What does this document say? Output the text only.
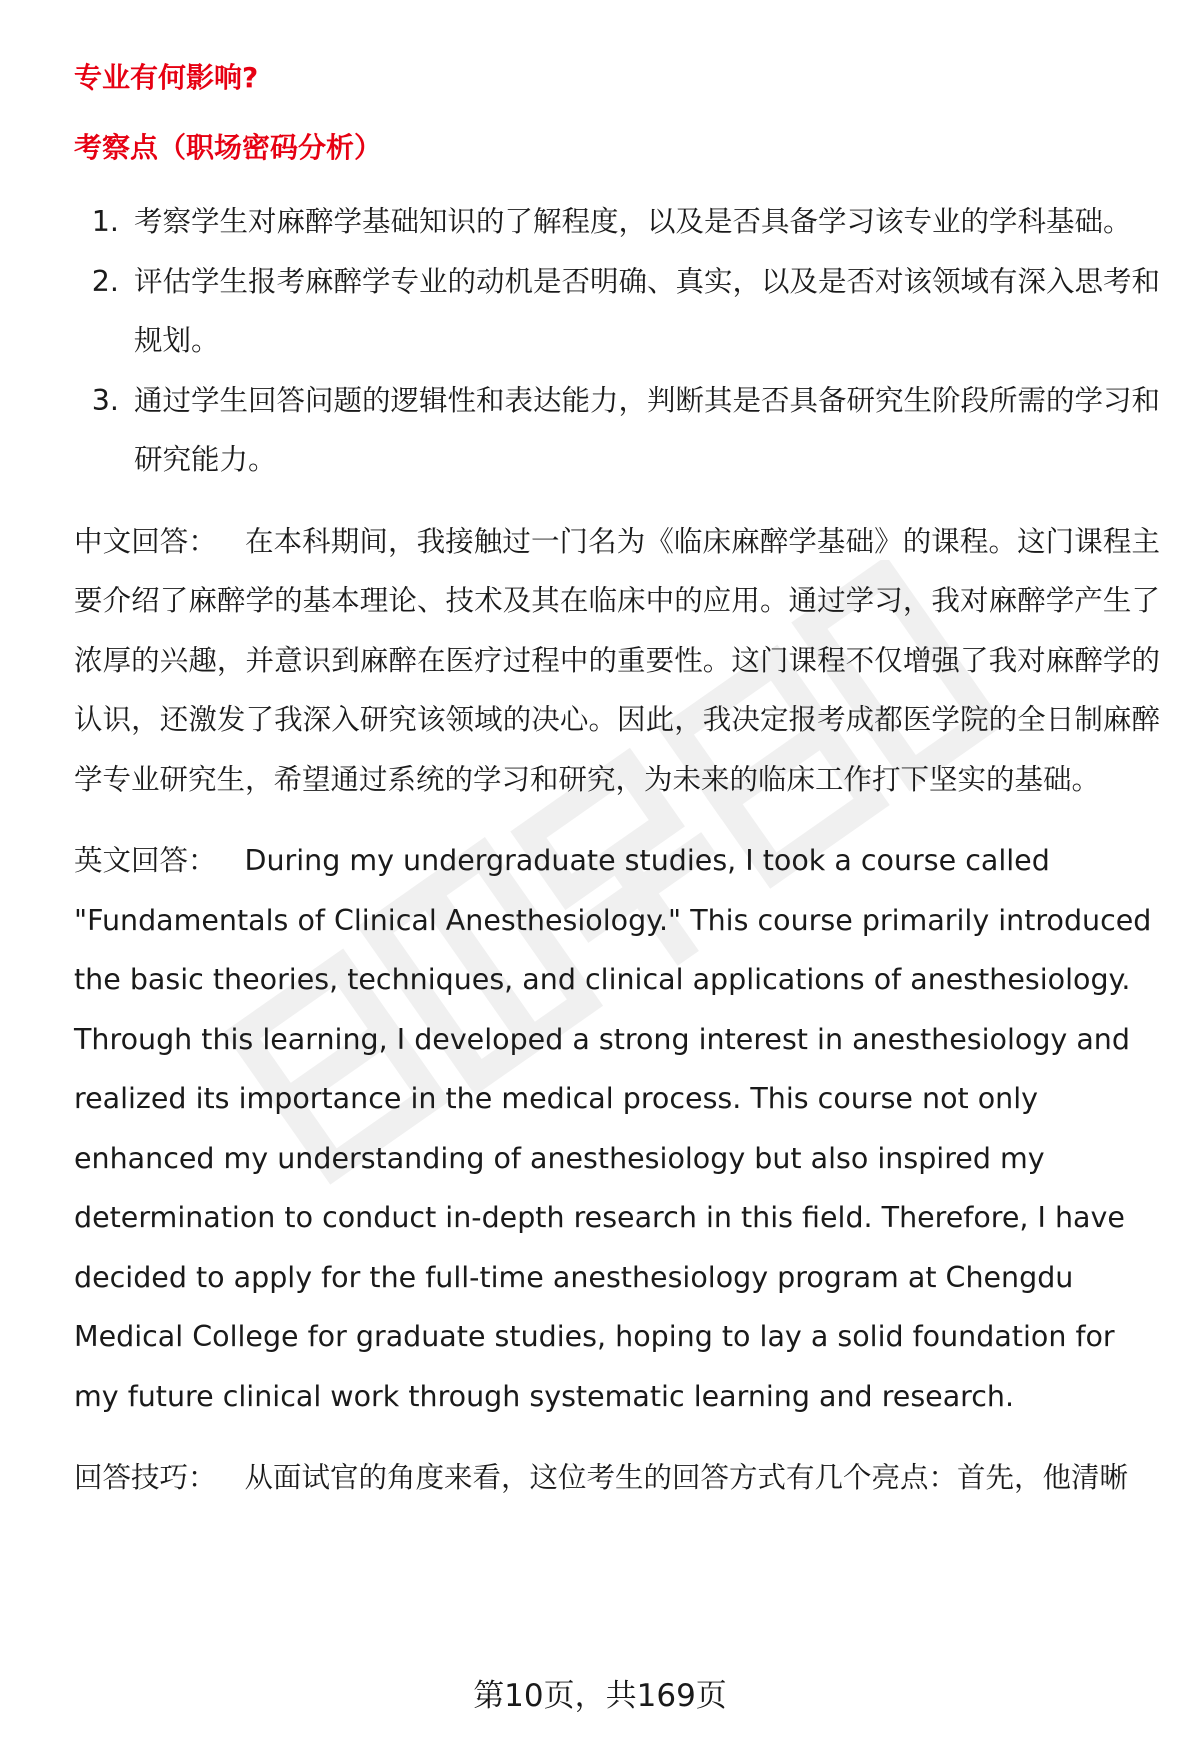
专业有何影响?
考察点（职场密码分析）
1. 考察学生对麻醉学基础知识的了解程度，以及是否具备学习该专业的学科基础。
2. 评估学生报考麻醉学专业的动机是否明确、真实，以及是否对该领域有深入思考和规划。
3. 通过学生回答问题的逻辑性和表达能力，判断其是否具备研究生阶段所需的学习和研究能力。

中文回答： 在本科期间，我接触过一门名为《临床麻醉学基础》的课程。这门课程主要介绍了麻醉学的基本理论、技术及其在临床中的应用。通过学习，我对麻醉学产生了浓厚的兴趣，并意识到麻醉在医疗过程中的重要性。这门课程不仅增强了我对麻醉学的认识，还激发了我深入研究该领域的决心。因此，我决定报考成都医学院的全日制麻醉学专业研究生，希望通过系统的学习和研究，为未来的临床工作打下坚实的基础。

英文回答： During my undergraduate studies, I took a course called "Fundamentals of Clinical Anesthesiology." This course primarily introduced the basic theories, techniques, and clinical applications of anesthesiology. Through this learning, I developed a strong interest in anesthesiology and realized its importance in the medical process. This course not only enhanced my understanding of anesthesiology but also inspired my determination to conduct in-depth research in this field. Therefore, I have decided to apply for the full-time anesthesiology program at Chengdu Medical College for graduate studies, hoping to lay a solid foundation for my future clinical work through systematic learning and research.

回答技巧： 从面试官的角度来看，这位考生的回答方式有几个亮点：首先，他清晰

第10页，共169页
